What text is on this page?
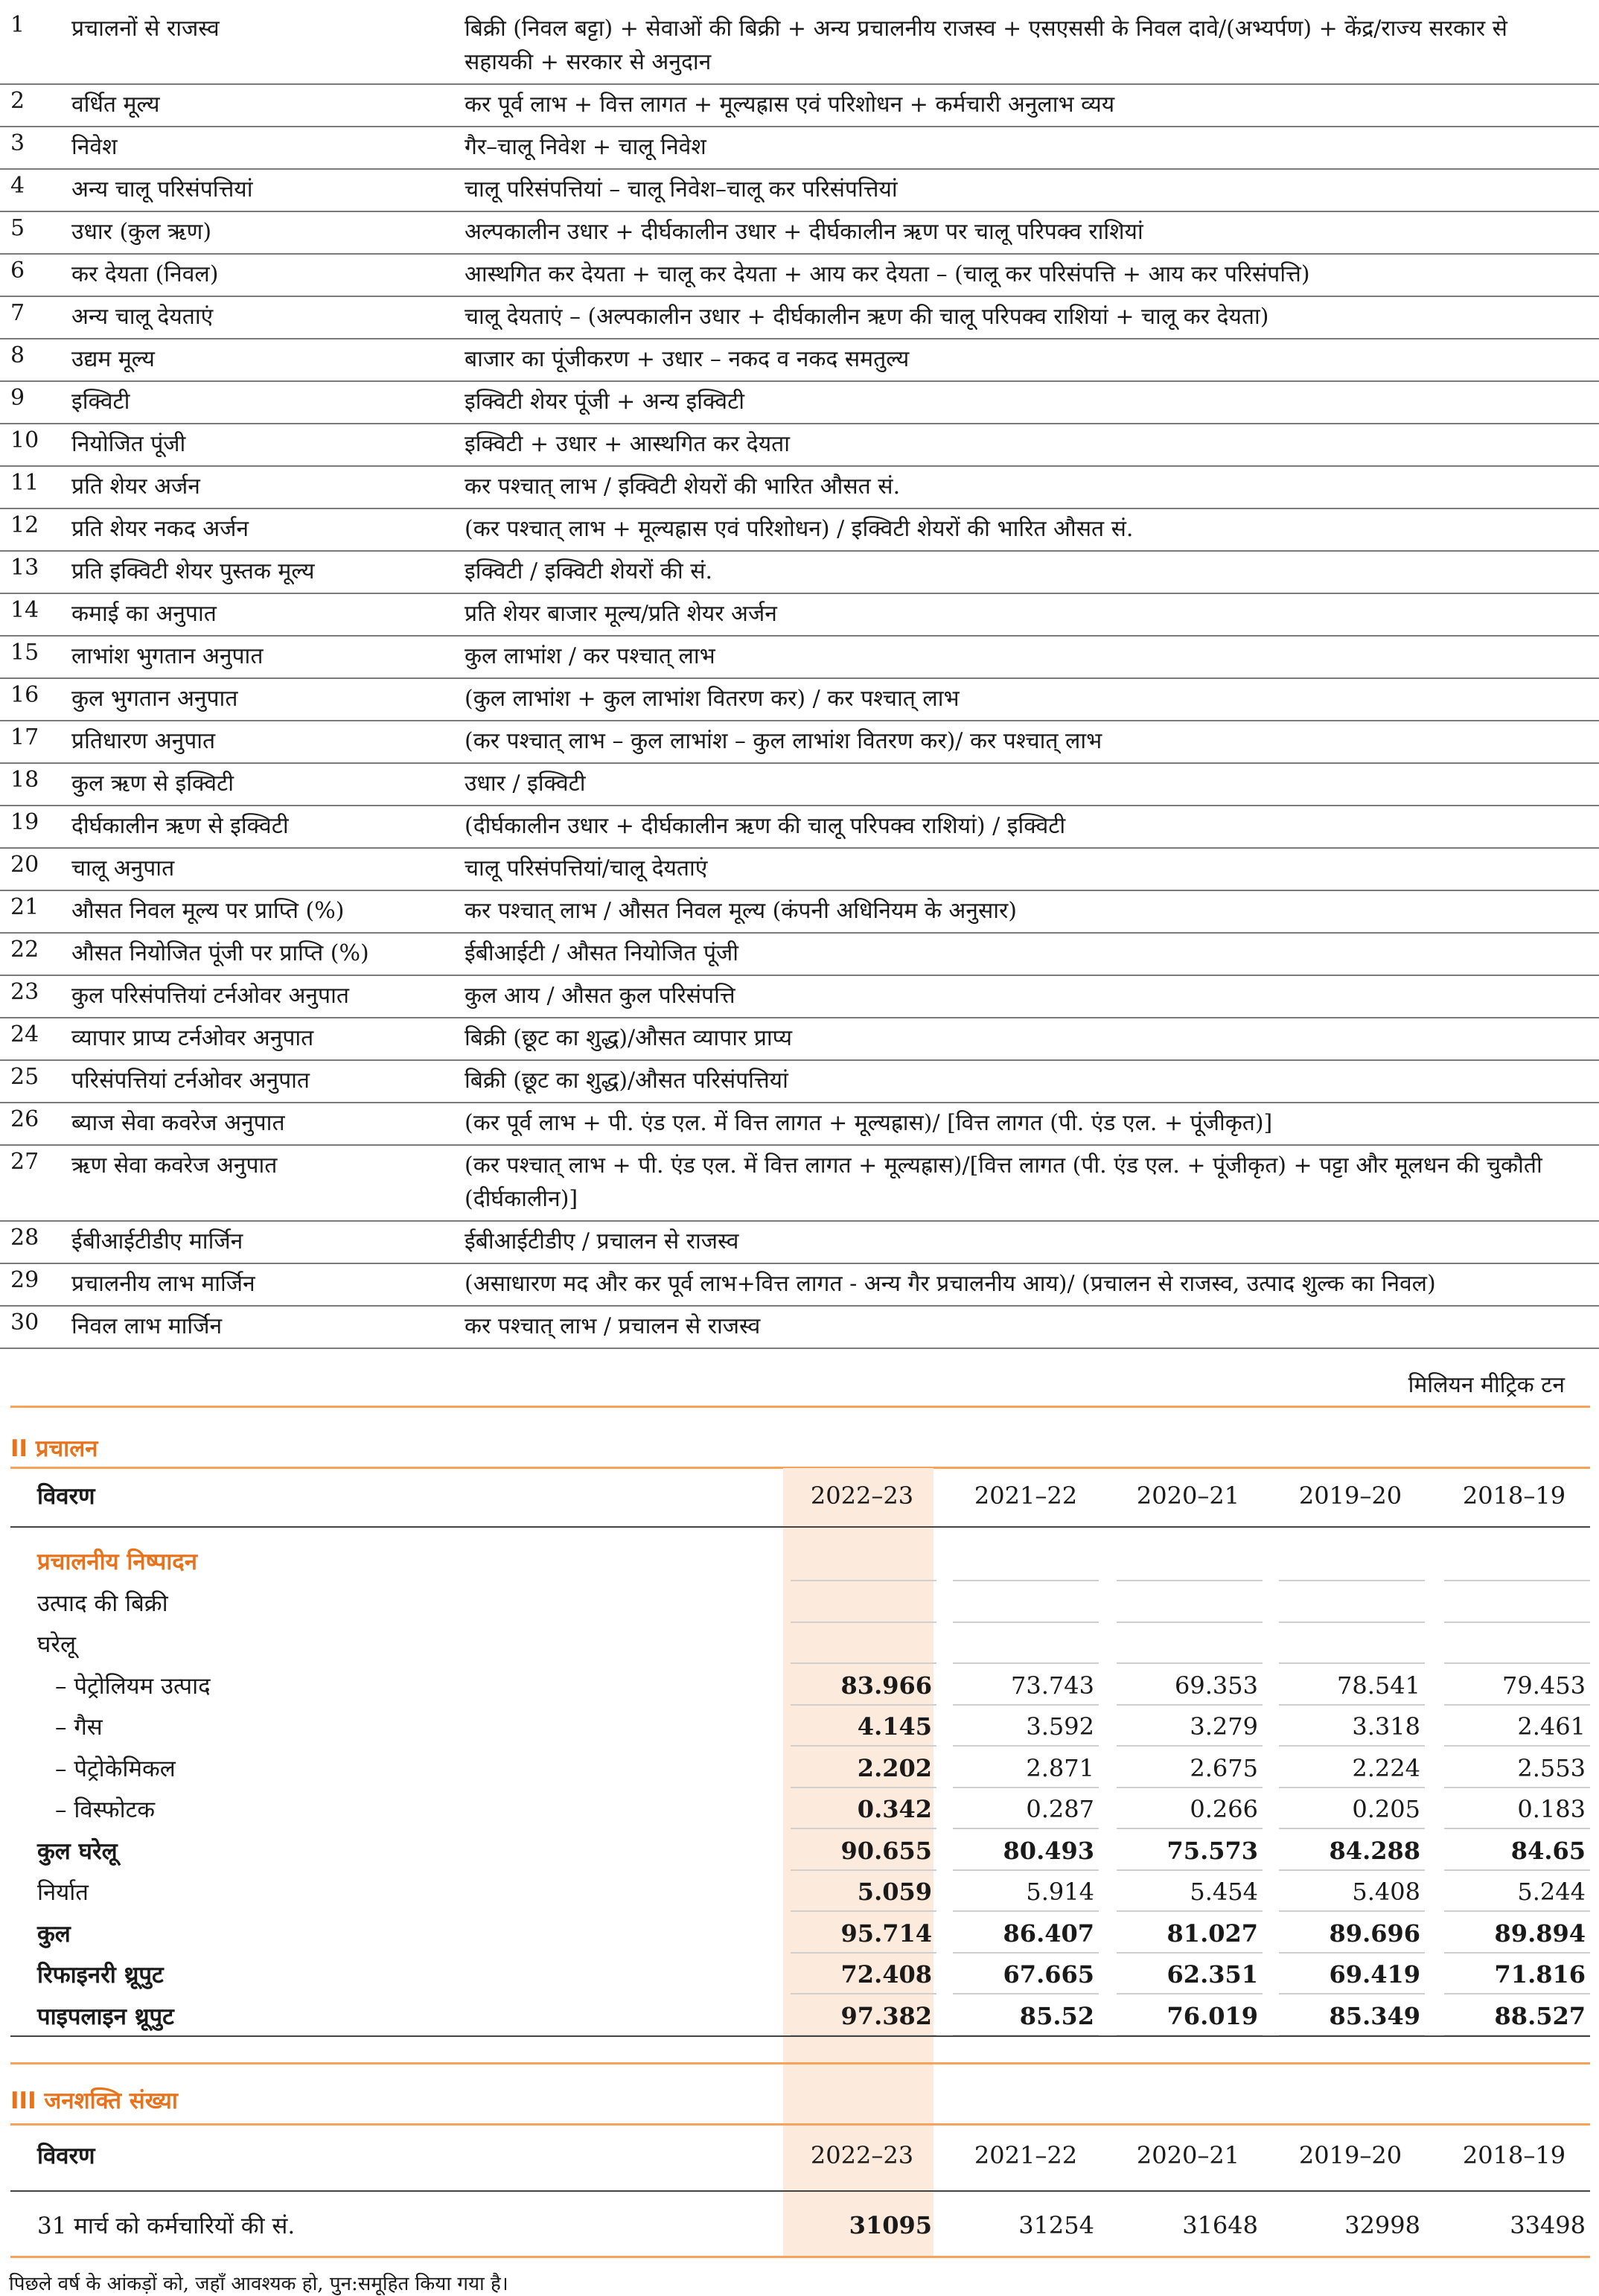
1 प्रचालनों से राजस्व	बिक्री (निवल बट्टा) + सेवाओं की बिक्री + अन्य प्रचालनीय राजस्व + एसएससी के निवल दावे/(अभ्यर्पण) + केंद्र/राज्य सरकार से सहायकी + सरकार से अनुदान
2 वर्धित मूल्य	कर पूर्व लाभ + वित्त लागत + मूल्यह्रास एवं परिशोधन + कर्मचारी अनुलाभ व्यय
3 निवेश	गैर–चालू निवेश + चालू निवेश
4 अन्य चालू परिसंपत्तियां	चालू परिसंपत्तियां – चालू निवेश–चालू कर परिसंपत्तियां
5 उधार (कुल ऋण)	अल्पकालीन उधार + दीर्घकालीन उधार + दीर्घकालीन ऋण पर चालू परिपक्व राशियां
6 कर देयता (निवल)	आस्थगित कर देयता + चालू कर देयता + आय कर देयता – (चालू कर परिसंपत्ति + आय कर परिसंपत्ति)
7 अन्य चालू देयताएं	चालू देयताएं – (अल्पकालीन उधार + दीर्घकालीन ऋण की चालू परिपक्व राशियां + चालू कर देयता)
8 उद्यम मूल्य	बाजार का पूंजीकरण + उधार – नकद व नकद समतुल्य
9 इक्विटी	इक्विटी शेयर पूंजी + अन्य इक्विटी
10 नियोजित पूंजी	इक्विटी + उधार + आस्थगित कर देयता
11 प्रति शेयर अर्जन	कर पश्चात् लाभ / इक्विटी शेयरों की भारित औसत सं.
12 प्रति शेयर नकद अर्जन	(कर पश्चात् लाभ + मूल्यह्रास एवं परिशोधन) / इक्विटी शेयरों की भारित औसत सं.
13 प्रति इक्विटी शेयर पुस्तक मूल्य	इक्विटी / इक्विटी शेयरों की सं.
14 कमाई का अनुपात	प्रति शेयर बाजार मूल्य/प्रति शेयर अर्जन
15 लाभांश भुगतान अनुपात	कुल लाभांश / कर पश्चात् लाभ
16 कुल भुगतान अनुपात	(कुल लाभांश + कुल लाभांश वितरण कर) / कर पश्चात् लाभ
17 प्रतिधारण अनुपात	(कर पश्चात् लाभ – कुल लाभांश – कुल लाभांश वितरण कर)/ कर पश्चात् लाभ
18 कुल ऋण से इक्विटी	उधार / इक्विटी
19 दीर्घकालीन ऋण से इक्विटी	(दीर्घकालीन उधार + दीर्घकालीन ऋण की चालू परिपक्व राशियां) / इक्विटी
20 चालू अनुपात	चालू परिसंपत्तियां/चालू देयताएं
21 औसत निवल मूल्य पर प्राप्ति (%)	कर पश्चात् लाभ / औसत निवल मूल्य (कंपनी अधिनियम के अनुसार)
22 औसत नियोजित पूंजी पर प्राप्ति (%)	ईबीआईटी / औसत नियोजित पूंजी
23 कुल परिसंपत्तियां टर्नओवर अनुपात	कुल आय / औसत कुल परिसंपत्ति
24 व्यापार प्राप्य टर्नओवर अनुपात	बिक्री (छूट का शुद्ध)/औसत व्यापार प्राप्य
25 परिसंपत्तियां टर्नओवर अनुपात	बिक्री (छूट का शुद्ध)/औसत परिसंपत्तियां
26 ब्याज सेवा कवरेज अनुपात	(कर पूर्व लाभ + पी. एंड एल. में वित्त लागत + मूल्यह्रास)/ [वित्त लागत (पी. एंड एल. + पूंजीकृत)]
27 ऋण सेवा कवरेज अनुपात	(कर पश्चात् लाभ + पी. एंड एल. में वित्त लागत + मूल्यह्रास)/[वित्त लागत (पी. एंड एल. + पूंजीकृत) + पट्टा और मूलधन की चुकौती (दीर्घकालीन)]
28 ईबीआईटीडीए मार्जिन	ईबीआईटीडीए / प्रचालन से राजस्व
29 प्रचालनीय लाभ मार्जिन	(असाधारण मद और कर पूर्व लाभ+वित्त लागत - अन्य गैर प्रचालनीय आय)/ (प्रचालन से राजस्व, उत्पाद शुल्क का निवल)
30 निवल लाभ मार्जिन	कर पश्चात् लाभ / प्रचालन से राजस्व
मिलियन मीट्रिक टन
II प्रचालन
विवरण	2022–23	2021–22	2020–21	2019–20	2018–19
प्रचालनीय निष्पादन
उत्पाद की बिक्री
घरेलू
– पेट्रोलियम उत्पाद	83.966	73.743	69.353	78.541	79.453
– गैस	4.145	3.592	3.279	3.318	2.461
– पेट्रोकेमिकल	2.202	2.871	2.675	2.224	2.553
– विस्फोटक	0.342	0.287	0.266	0.205	0.183
कुल घरेलू	90.655	80.493	75.573	84.288	84.65
निर्यात	5.059	5.914	5.454	5.408	5.244
कुल	95.714	86.407	81.027	89.696	89.894
रिफाइनरी थ्रूपुट	72.408	67.665	62.351	69.419	71.816
पाइपलाइन थ्रूपुट	97.382	85.52	76.019	85.349	88.527
III जनशक्ति संख्या
विवरण	2022–23	2021–22	2020–21	2019–20	2018–19
31 मार्च को कर्मचारियों की सं.	31095	31254	31648	32998	33498
पिछले वर्ष के आंकड़ों को, जहाँ आवश्यक हो, पुन:समूहित किया गया है।
